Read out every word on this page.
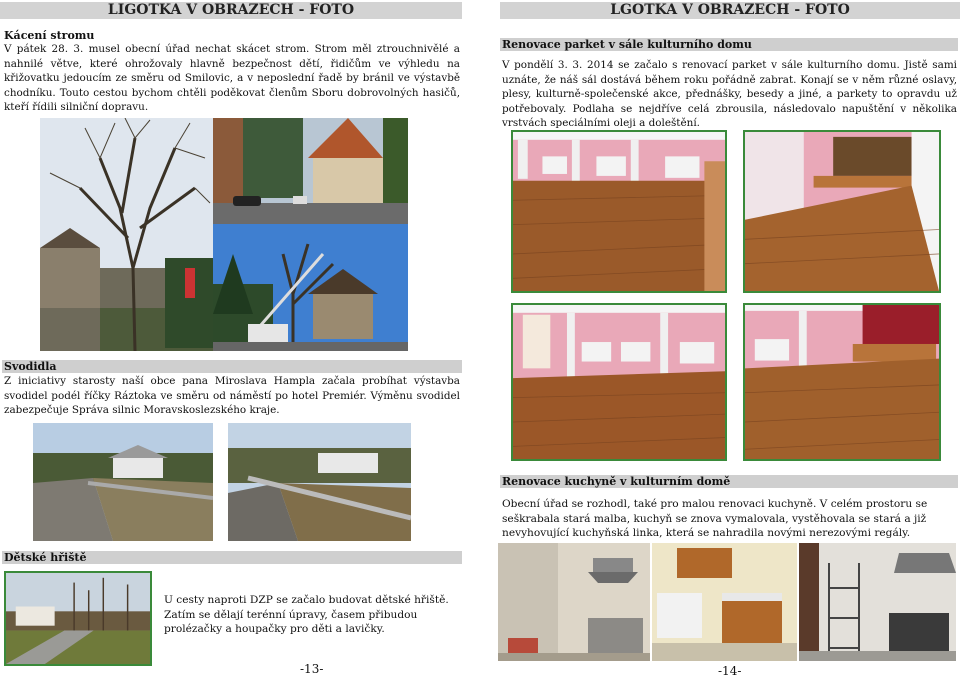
LIGOTKA V OBRAZECH - FOTO
Kácení stromu
V pátek 28. 3. musel obecní úřad nechat skácet strom. Strom měl ztrouchnivělé a nahnilé větve, které ohrožovaly hlavně bezpečnost dětí, řidičům ve výhledu na křižovatku jedoucím ze směru od Smilovic, a v neposlední řadě by bránil ve výstavbě chodníku. Touto cestou bychom chtěli poděkovat členům Sboru dobrovolných hasičů, kteří řídili silniční dopravu.
Svodidla
Z iniciativy starosty naší obce pana Miroslava Hampla začala probíhat výstavba svodidel podél říčky Ráztoka ve směru od náměstí po hotel Premiér. Výměnu svodidel zabezpečuje Správa silnic Moravskoslezského kraje.
Dětské hřiště
U cesty naproti DZP se začalo budovat dětské hřiště.
Zatím se dělají terénní úpravy, časem přibudou
prolézačky a houpačky pro děti a lavičky.
-13-
LGOTKA V OBRAZECH - FOTO
Renovace parket v sále kulturního domu
V pondělí 3. 3. 2014 se začalo s renovací parket v sále kulturního domu. Jistě sami uznáte, že náš sál dostává během roku pořádně zabrat. Konají se v něm různé oslavy, plesy, kulturně-společenské akce, přednášky, besedy a jiné, a parkety to opravdu už potřebovaly. Podlaha se nejdříve celá zbrousila, následovalo napuštění v několika vrstvách speciálními oleji a doleštění.
Renovace kuchyně v kulturním domě
Obecní úřad se rozhodl, také pro malou renovaci kuchyně. V celém prostoru se seškrabala stará malba, kuchyň se znova vymalovala, vystěhovala se stará a již nevyhovující kuchyňská linka, která se nahradila novými nerezovými regály.
-14-
